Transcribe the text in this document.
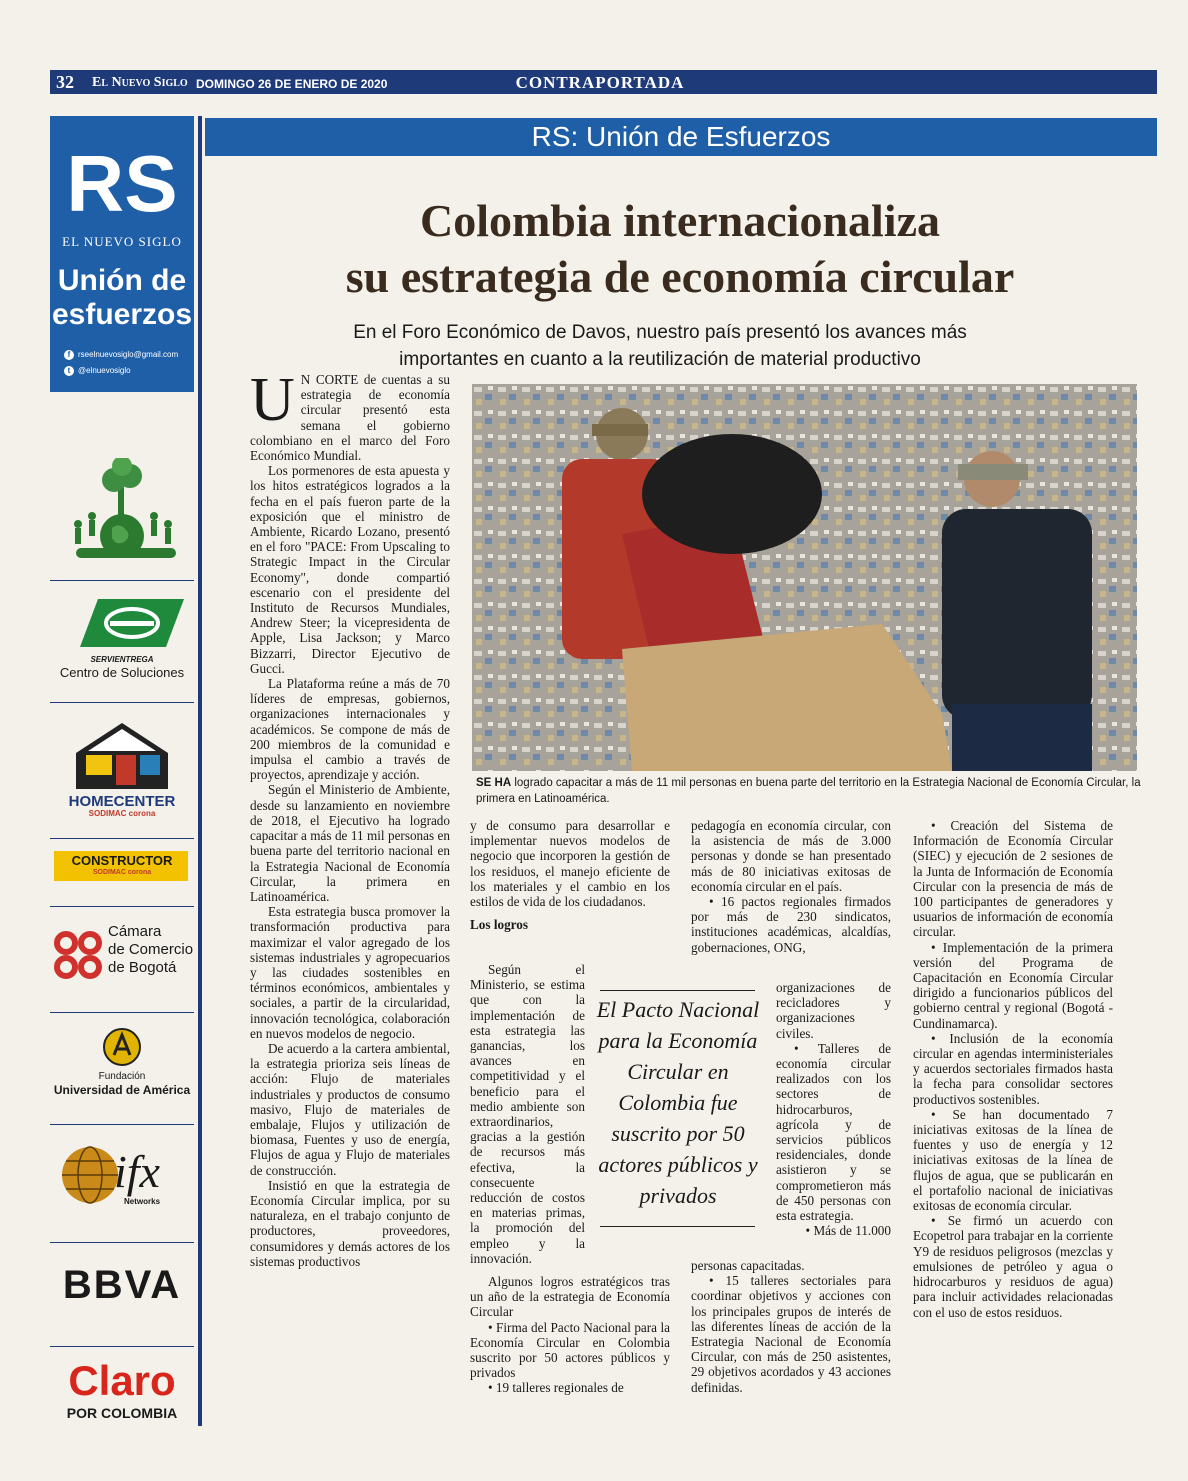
32 El Nuevo Siglo DOMINGO 26 DE ENERO DE 2020	CONTRAPORTADA
RS
EL NUEVO SIGLO
Unión de
esfuerzos
f rseelnuevosiglo@gmail.com
t @elnuevosiglo
SERVIENTREGA
Centro de Soluciones
HOMECENTER
SODIMAC corona
CONSTRUCTOR
SODIMAC corona
Cámara
de Comercio
de Bogotá
Fundación
Universidad de América
ifx
Networks
BBVA
Claro
POR COLOMBIA
RS: Unión de Esfuerzos
Colombia internacionaliza
su estrategia de economía circular
En el Foro Económico de Davos, nuestro país presentó los avances más
importantes en cuanto a la reutilización de material productivo
SE HA logrado capacitar a más de 11 mil personas en buena parte del territorio en la Estrategia Nacional de Economía Circular, la primera en Latinoamérica.
U N CORTE de cuentas a su estrategia de economía circular presentó esta semana el gobierno colombiano en el marco del Foro Económico Mundial.

Los pormenores de esta apuesta y los hitos estratégicos logrados a la fecha en el país fueron parte de la exposición que el ministro de Ambiente, Ricardo Lozano, presentó en el foro "PACE: From Upscaling to Strategic Impact in the Circular Economy", donde compartió escenario con el presidente del Instituto de Recursos Mundiales, Andrew Steer; la vicepresidenta de Apple, Lisa Jackson; y Marco Bizzarri, Director Ejecutivo de Gucci.

La Plataforma reúne a más de 70 líderes de empresas, gobiernos, organizaciones internacionales y académicos. Se compone de más de 200 miembros de la comunidad e impulsa el cambio a través de proyectos, aprendizaje y acción.

Según el Ministerio de Ambiente, desde su lanzamiento en noviembre de 2018, el Ejecutivo ha logrado capacitar a más de 11 mil personas en buena parte del territorio nacional en la Estrategia Nacional de Economía Circular, la primera en Latinoamérica.

Esta estrategia busca promover la transformación productiva para maximizar el valor agregado de los sistemas industriales y agropecuarios y las ciudades sostenibles en términos económicos, ambientales y sociales, a partir de la circularidad, innovación tecnológica, colaboración en nuevos modelos de negocio.

De acuerdo a la cartera ambiental, la estrategia prioriza seis líneas de acción: Flujo de materiales industriales y productos de consumo masivo, Flujo de materiales de embalaje, Flujos y utilización de biomasa, Fuentes y uso de energía, Flujos de agua y Flujo de materiales de construcción.

Insistió en que la estrategia de Economía Circular implica, por su naturaleza, en el trabajo conjunto de productores, proveedores, consumidores y demás actores de los sistemas productivos

y de consumo para desarrollar e implementar nuevos modelos de negocio que incorporen la gestión de los residuos, el manejo eficiente de los materiales y el cambio en los estilos de vida de los ciudadanos.

Los logros

Según el Ministerio, se estima que con la implementación de esta estrategia las ganancias, los avances en competitividad y el beneficio para el medio ambiente son extraordinarios, gracias a la gestión de recursos más efectiva, la consecuente reducción de costos en materias primas, la promoción del empleo y la innovación.

Algunos logros estratégicos tras un año de la estrategia de Economía Circular

• Firma del Pacto Nacional para la Economía Circular en Colombia suscrito por 50 actores públicos y privados

• 19 talleres regionales de

El Pacto Nacional para la Economía Circular en Colombia fue suscrito por 50 actores públicos y privados

pedagogía en economía circular, con la asistencia de más de 3.000 personas y donde se han presentado más de 80 iniciativas exitosas de economía circular en el país.

• 16 pactos regionales firmados por más de 230 sindicatos, instituciones académicas, alcaldías, gobernaciones, ONG,

organizaciones de recicladores y organizaciones civiles.

• Talleres de economía circular realizados con los sectores de hidrocarburos, agrícola y de servicios públicos residenciales, donde asistieron y se comprometieron más de 450 personas con esta estrategia.

• Más de 11.000

personas capacitadas.

• 15 talleres sectoriales para coordinar objetivos y acciones con los principales grupos de interés de las diferentes líneas de acción de la Estrategia Nacional de Economía Circular, con más de 250 asistentes, 29 objetivos acordados y 43 acciones definidas.

• Creación del Sistema de Información de Economía Circular (SIEC) y ejecución de 2 sesiones de la Junta de Información de Economía Circular con la presencia de más de 100 participantes de generadores y usuarios de información de economía circular.

• Implementación de la primera versión del Programa de Capacitación en Economía Circular dirigido a funcionarios públicos del gobierno central y regional (Bogotá - Cundinamarca).

• Inclusión de la economía circular en agendas interministeriales y acuerdos sectoriales firmados hasta la fecha para consolidar sectores productivos sostenibles.

• Se han documentado 7 iniciativas exitosas de la línea de fuentes y uso de energía y 12 iniciativas exitosas de la línea de flujos de agua, que se publicarán en el portafolio nacional de iniciativas exitosas de economía circular.

• Se firmó un acuerdo con Ecopetrol para trabajar en la corriente Y9 de residuos peligrosos (mezclas y emulsiones de petróleo y agua o hidrocarburos y residuos de agua) para incluir actividades relacionadas con el uso de estos residuos.
